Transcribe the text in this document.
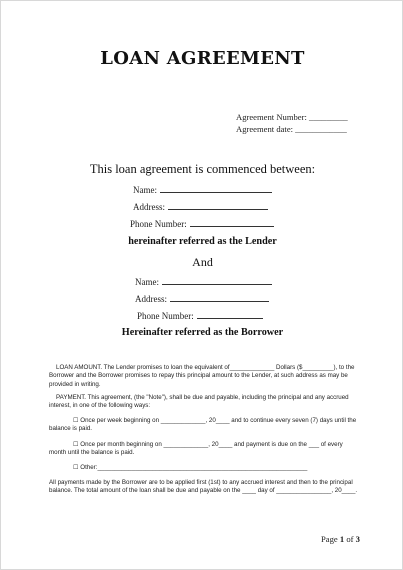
LOAN AGREEMENT
Agreement Number: _________
Agreement date: ____________
This loan agreement is commenced between:
Name:
Address:
Phone Number:
hereinafter referred as the Lender
And
Name:
Address:
Phone Number:
Hereinafter referred as the Borrower

LOAN AMOUNT. The Lender promises to loan the equivalent of_____________ Dollars ($_________), to the Borrower and the Borrower promises to repay this principal amount to the Lender, at such address as may be provided in writing.

PAYMENT. This agreement, (the "Note"), shall be due and payable, including the principal and any accrued interest, in one of the following ways:

☐ Once per week beginning on _____________, 20____ and to continue every seven (7) days until the balance is paid.

☐ Once per month beginning on _____________, 20____ and payment is due on the ___ of every month until the balance is paid.

☐ Other:_____________________________________________________________

All payments made by the Borrower are to be applied first (1st) to any accrued interest and then to the principal balance. The total amount of the loan shall be due and payable on the ____ day of ________________, 20____.

Page 1 of 3
